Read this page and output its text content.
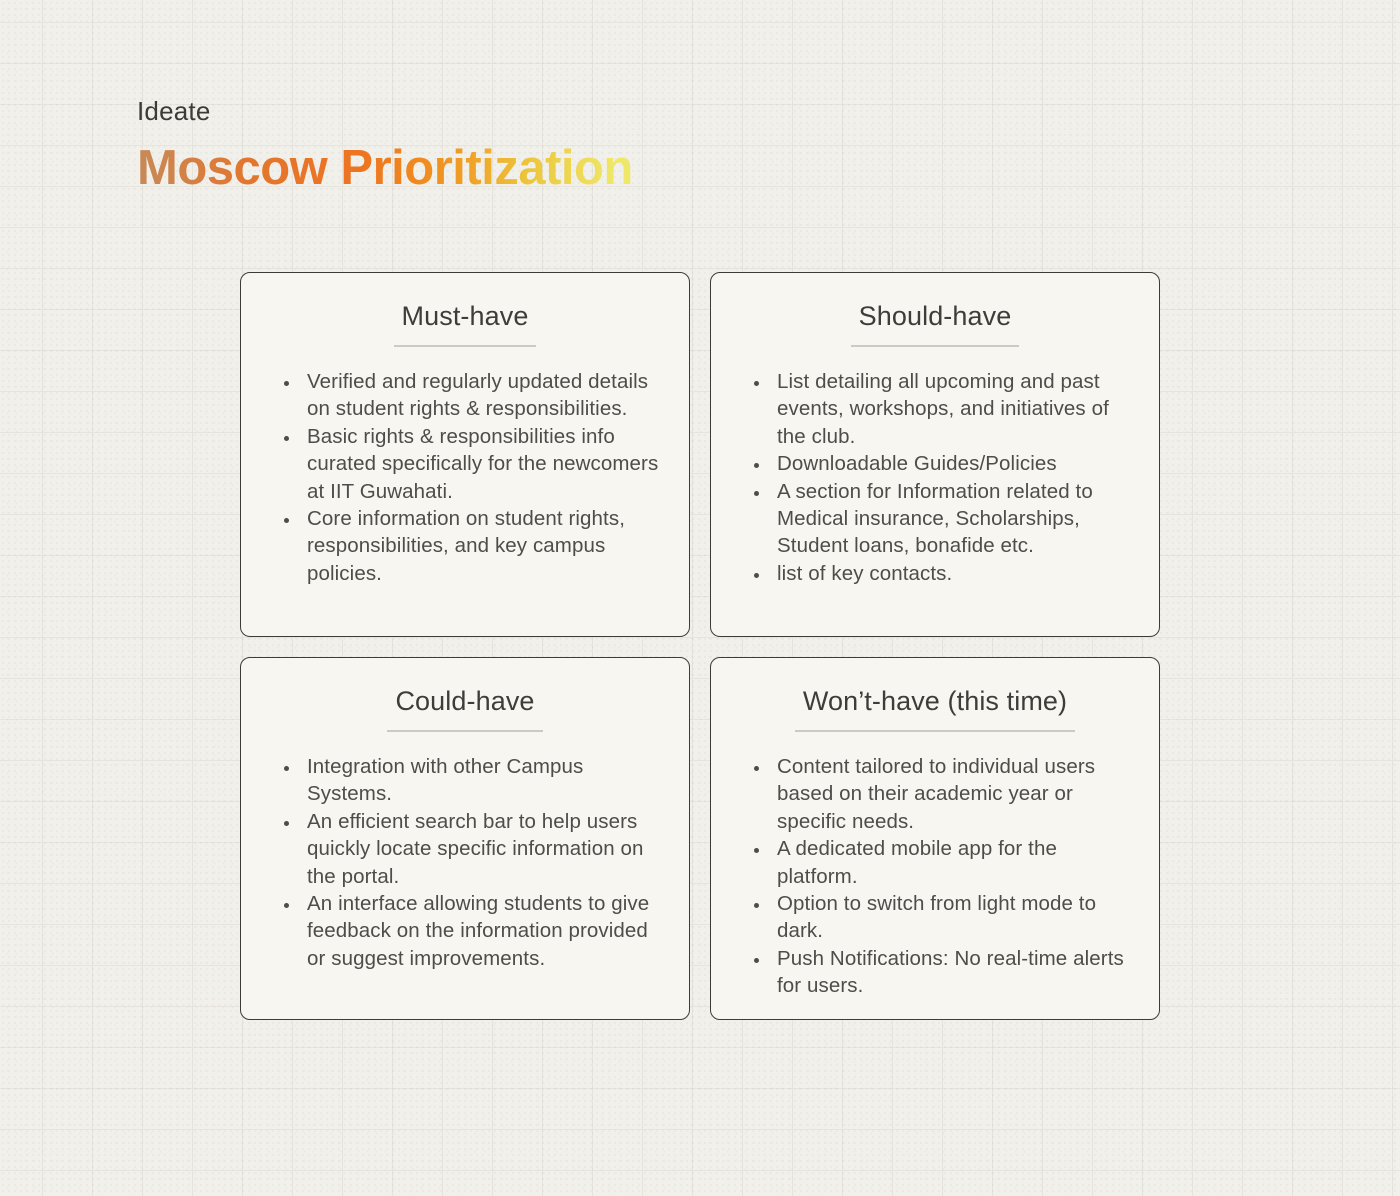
Ideate
Moscow Prioritization
Must-have
• Verified and regularly updated details on student rights & responsibilities.
• Basic rights & responsibilities info curated specifically for the newcomers at IIT Guwahati.
• Core information on student rights, responsibilities, and key campus policies.
Should-have
• List detailing all upcoming and past events, workshops, and initiatives of the club.
• Downloadable Guides/Policies
• A section for Information related to Medical insurance, Scholarships, Student loans, bonafide etc.
• list of key contacts.
Could-have
• Integration with other Campus Systems.
• An efficient search bar to help users quickly locate specific information on the portal.
• An interface allowing students to give feedback on the information provided or suggest improvements.
Won’t-have (this time)
• Content tailored to individual users based on their academic year or specific needs.
• A dedicated mobile app for the platform.
• Option to switch from light mode to dark.
• Push Notifications: No real-time alerts for users.
